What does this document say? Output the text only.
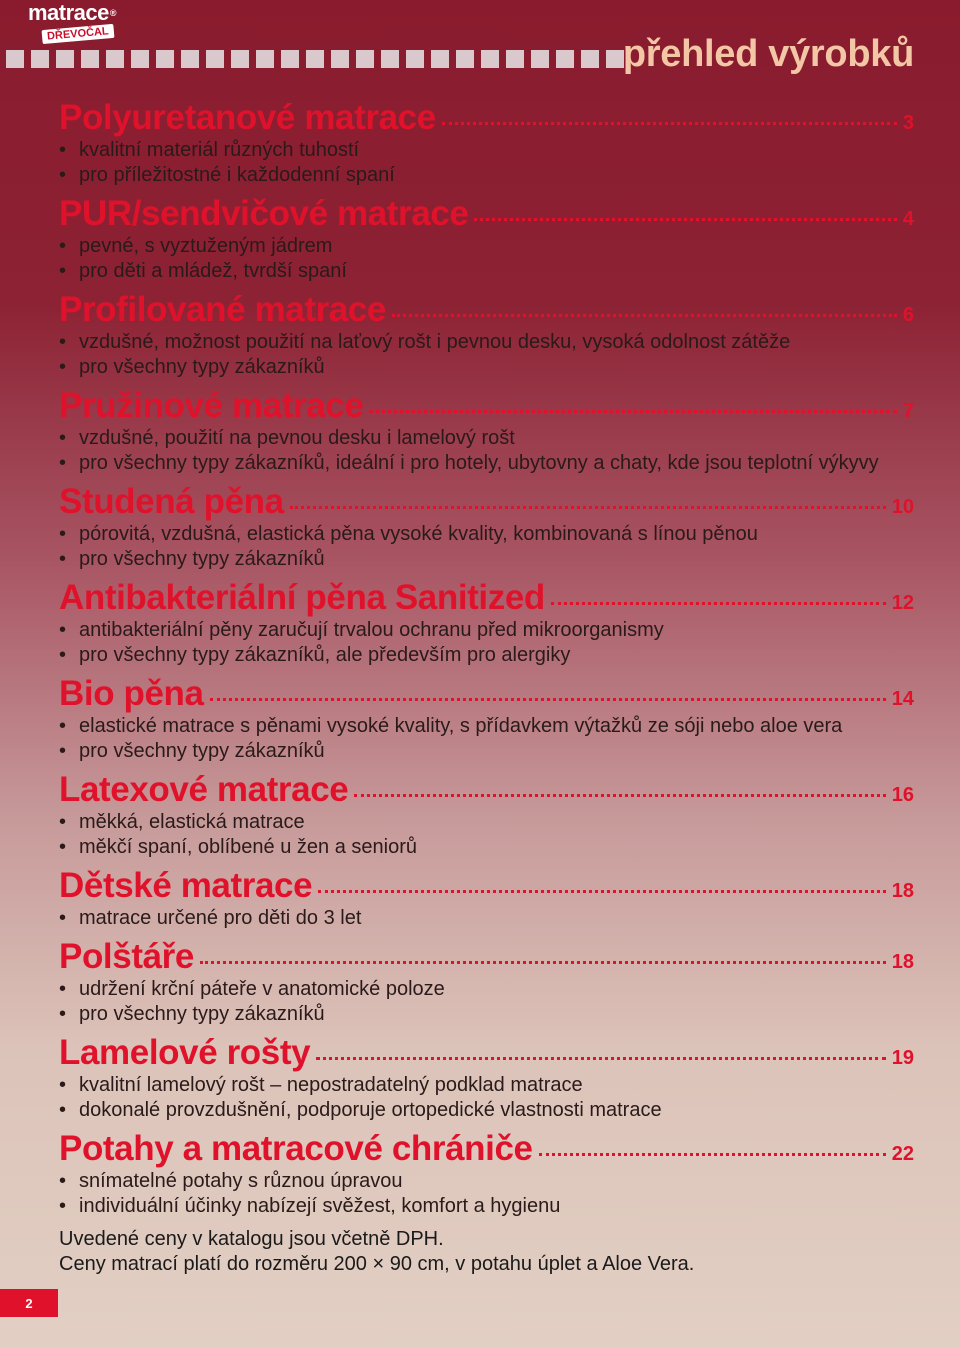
matrace®
DŘEVOČAL	přehled výrobků
Polyuretanové matrace	3
• kvalitní materiál různých tuhostí
• pro příležitostné i každodenní spaní
PUR/sendvičové matrace	4
• pevné, s vyztuženým jádrem
• pro děti a mládež, tvrdší spaní
Profilované matrace	6
• vzdušné, možnost použití na laťový rošt i pevnou desku, vysoká odolnost zátěže
• pro všechny typy zákazníků
Pružinové matrace	7
• vzdušné, použití na pevnou desku i lamelový rošt
• pro všechny typy zákazníků, ideální i pro hotely, ubytovny a chaty, kde jsou teplotní výkyvy
Studená pěna	10
• pórovitá, vzdušná, elastická pěna vysoké kvality, kombinovaná s línou pěnou
• pro všechny typy zákazníků
Antibakteriální pěna Sanitized	12
• antibakteriální pěny zaručují trvalou ochranu před mikroorganismy
• pro všechny typy zákazníků, ale především pro alergiky
Bio pěna	14
• elastické matrace s pěnami vysoké kvality, s přídavkem výtažků ze sóji nebo aloe vera
• pro všechny typy zákazníků
Latexové matrace	16
• měkká, elastická matrace
• měkčí spaní, oblíbené u žen a seniorů
Dětské matrace	18
• matrace určené pro děti do 3 let
Polštáře	18
• udržení krční páteře v anatomické poloze
• pro všechny typy zákazníků
Lamelové rošty	19
• kvalitní lamelový rošt – nepostradatelný podklad matrace
• dokonalé provzdušnění, podporuje ortopedické vlastnosti matrace
Potahy a matracové chrániče	22
• snímatelné potahy s různou úpravou
• individuální účinky nabízejí svěžest, komfort a hygienu
Uvedené ceny v katalogu jsou včetně DPH.
Ceny matrací platí do rozměru 200 × 90 cm, v potahu úplet a Aloe Vera.
2
